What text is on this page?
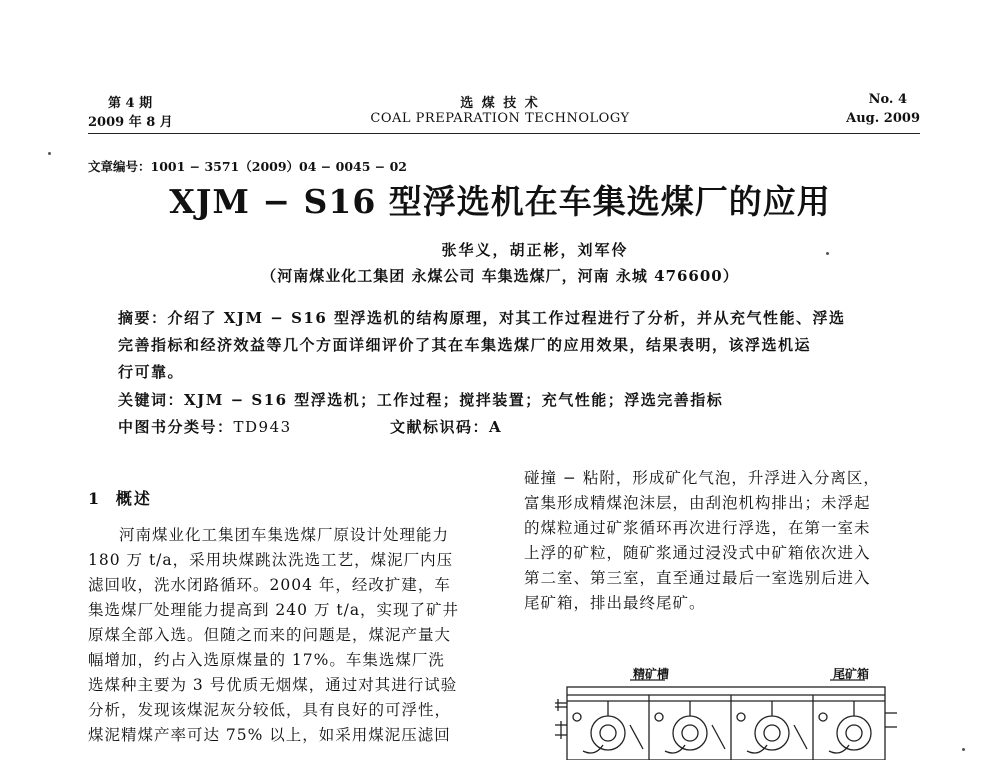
第 4 期
2009 年 8 月
选 煤 技 术
COAL PREPARATION TECHNOLOGY
No. 4
Aug. 2009
文章编号：1001 − 3571（2009）04 − 0045 − 02
XJM − S16 型浮选机在车集选煤厂的应用
张华义，胡正彬，刘军伶
（河南煤业化工集团 永煤公司 车集选煤厂，河南 永城 476600）
摘要：介绍了 XJM − S16 型浮选机的结构原理，对其工作过程进行了分析，并从充气性能、浮选
完善指标和经济效益等几个方面详细评价了其在车集选煤厂的应用效果，结果表明，该浮选机运
行可靠。
关键词：XJM − S16 型浮选机；工作过程；搅拌装置；充气性能；浮选完善指标
中图书分类号：TD943	文献标识码：A
1 概述
河南煤业化工集团车集选煤厂原设计处理能力
180 万 t/a，采用块煤跳汰洗选工艺，煤泥厂内压
滤回收，洗水闭路循环。2004 年，经改扩建，车
集选煤厂处理能力提高到 240 万 t/a，实现了矿井
原煤全部入选。但随之而来的问题是，煤泥产量大
幅增加，约占入选原煤量的 17%。车集选煤厂洗
选煤种主要为 3 号优质无烟煤，通过对其进行试验
分析，发现该煤泥灰分较低，具有良好的可浮性，
煤泥精煤产率可达 75% 以上，如采用煤泥压滤回
碰撞 − 粘附，形成矿化气泡，升浮进入分离区，
富集形成精煤泡沫层，由刮泡机构排出；未浮起
的煤粒通过矿浆循环再次进行浮选，在第一室未
上浮的矿粒，随矿浆通过浸没式中矿箱依次进入
第二室、第三室，直至通过最后一室选别后进入
尾矿箱，排出最终尾矿。
精矿槽	尾矿箱
